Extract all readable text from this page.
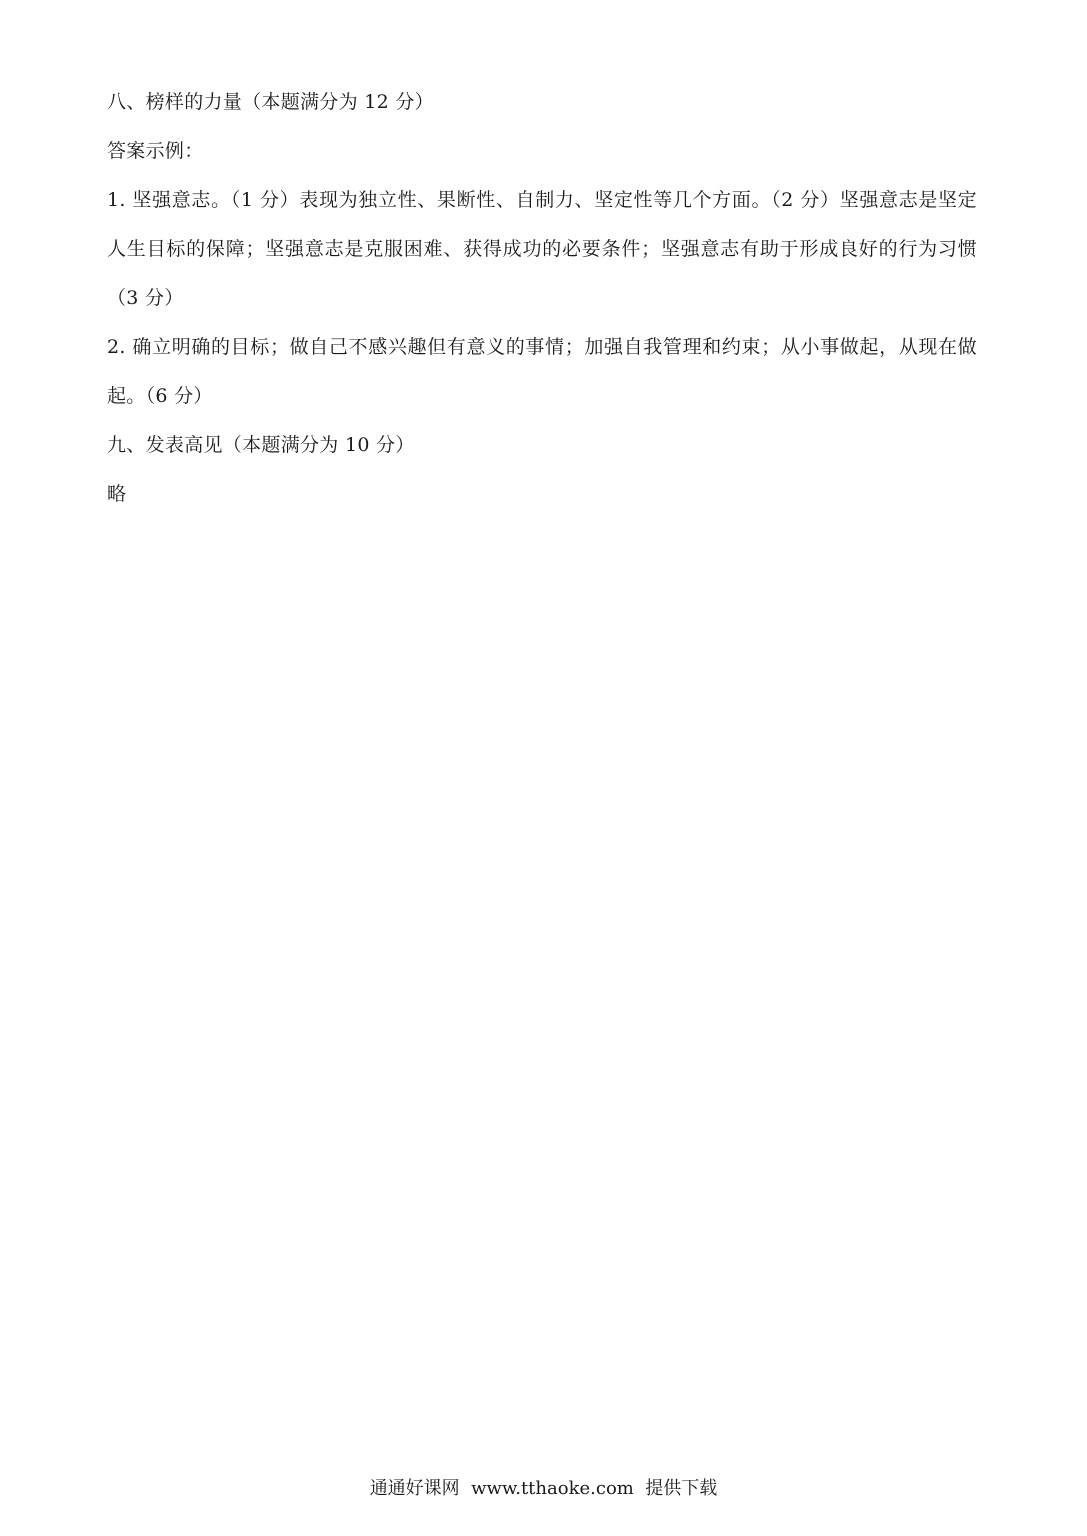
八、榜样的力量（本题满分为 12 分）
答案示例：
1. 坚强意志。（1 分）表现为独立性、果断性、自制力、坚定性等几个方面。（2 分）坚强意志是坚定人生目标的保障；坚强意志是克服困难、获得成功的必要条件；坚强意志有助于形成良好的行为习惯（3 分）
2. 确立明确的目标；做自己不感兴趣但有意义的事情；加强自我管理和约束；从小事做起，从现在做起。（6 分）
九、发表高见（本题满分为 10 分）
略
通通好课网 www.tthaoke.com 提供下载
